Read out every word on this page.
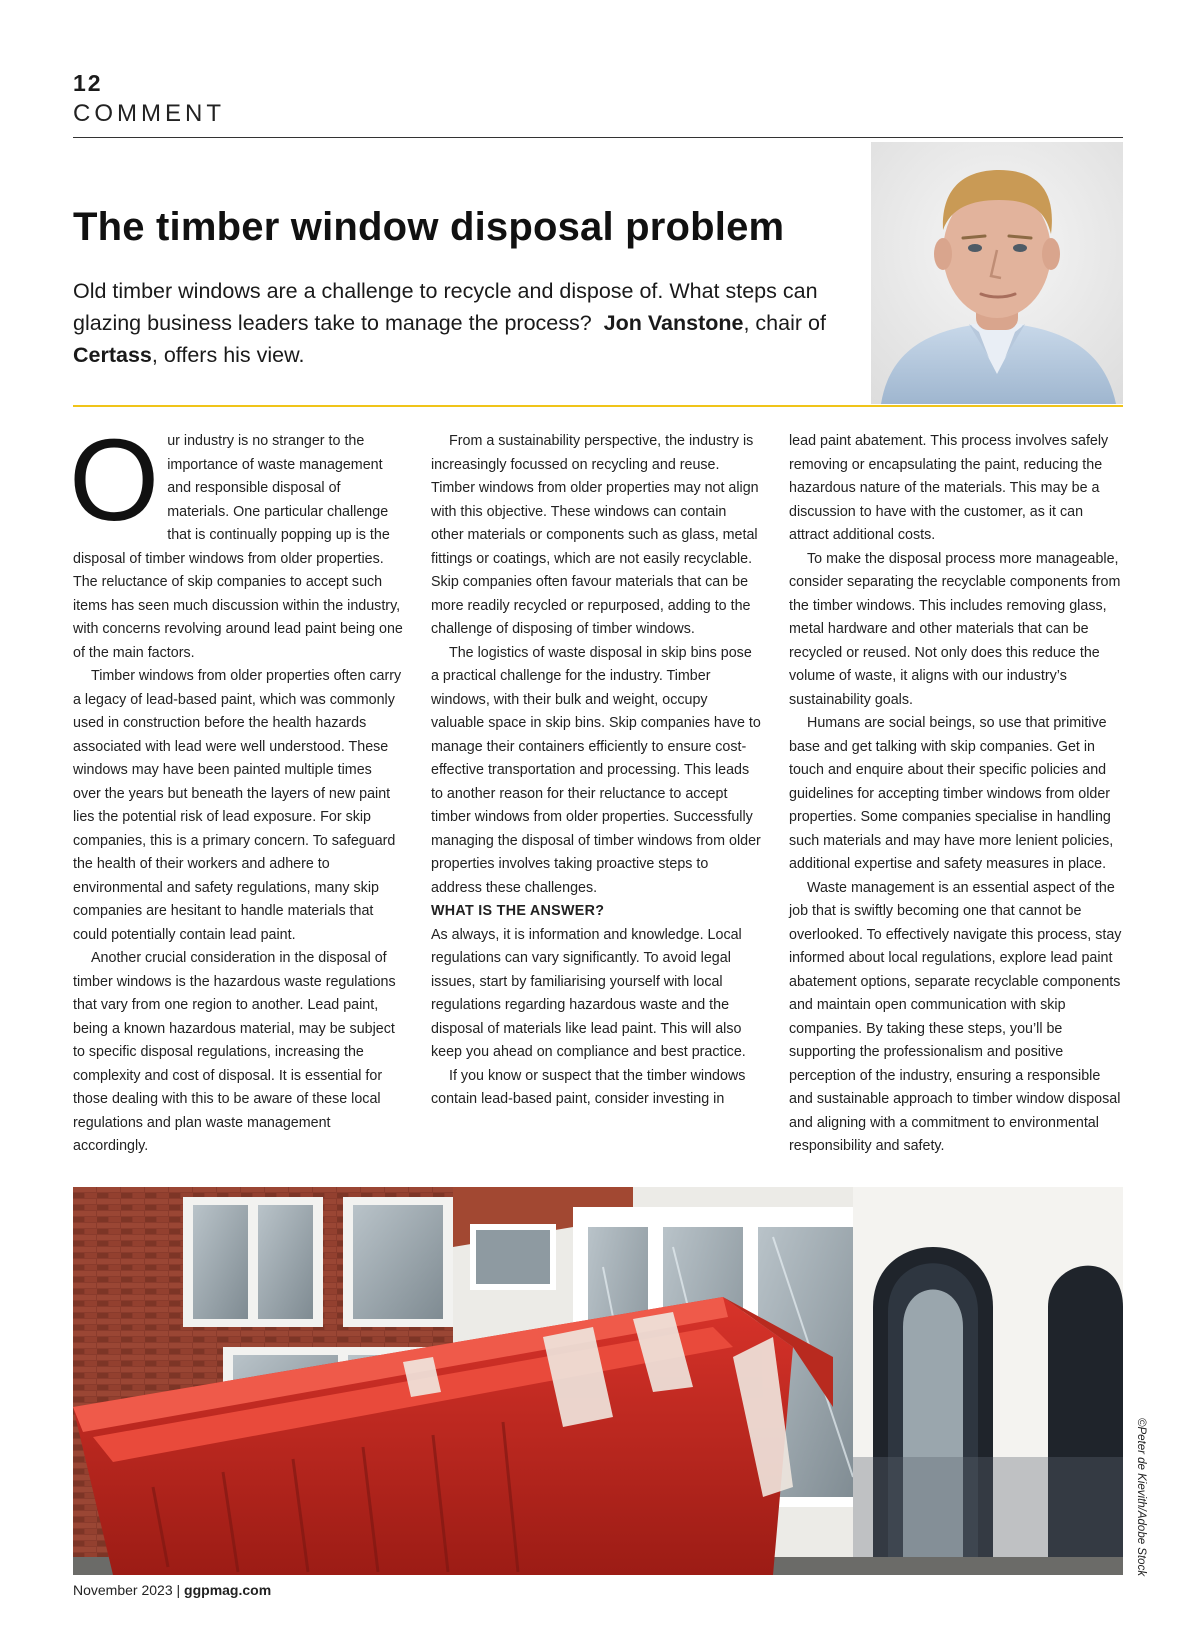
12
COMMENT
The timber window disposal problem

Old timber windows are a challenge to recycle and dispose of. What steps can glazing business leaders take to manage the process? Jon Vanstone, chair of Certass, offers his view.

O ur industry is no stranger to the importance of waste management and responsible disposal of materials. One particular challenge that is continually popping up is the disposal of timber windows from older properties. The reluctance of skip companies to accept such items has seen much discussion within the industry, with concerns revolving around lead paint being one of the main factors.

Timber windows from older properties often carry a legacy of lead-based paint, which was commonly used in construction before the health hazards associated with lead were well understood. These windows may have been painted multiple times over the years but beneath the layers of new paint lies the potential risk of lead exposure. For skip companies, this is a primary concern. To safeguard the health of their workers and adhere to environmental and safety regulations, many skip companies are hesitant to handle materials that could potentially contain lead paint.

Another crucial consideration in the disposal of timber windows is the hazardous waste regulations that vary from one region to another. Lead paint, being a known hazardous material, may be subject to specific disposal regulations, increasing the complexity and cost of disposal. It is essential for those dealing with this to be aware of these local regulations and plan waste management accordingly.

From a sustainability perspective, the industry is increasingly focussed on recycling and reuse. Timber windows from older properties may not align with this objective. These windows can contain other materials or components such as glass, metal fittings or coatings, which are not easily recyclable. Skip companies often favour materials that can be more readily recycled or repurposed, adding to the challenge of disposing of timber windows.

The logistics of waste disposal in skip bins pose a practical challenge for the industry. Timber windows, with their bulk and weight, occupy valuable space in skip bins. Skip companies have to manage their containers efficiently to ensure cost-effective transportation and processing. This leads to another reason for their reluctance to accept timber windows from older properties. Successfully managing the disposal of timber windows from older properties involves taking proactive steps to address these challenges.

WHAT IS THE ANSWER?

As always, it is information and knowledge. Local regulations can vary significantly. To avoid legal issues, start by familiarising yourself with local regulations regarding hazardous waste and the disposal of materials like lead paint. This will also keep you ahead on compliance and best practice.

If you know or suspect that the timber windows contain lead-based paint, consider investing in

lead paint abatement. This process involves safely removing or encapsulating the paint, reducing the hazardous nature of the materials. This may be a discussion to have with the customer, as it can attract additional costs.

To make the disposal process more manageable, consider separating the recyclable components from the timber windows. This includes removing glass, metal hardware and other materials that can be recycled or reused. Not only does this reduce the volume of waste, it aligns with our industry’s sustainability goals.

Humans are social beings, so use that primitive base and get talking with skip companies. Get in touch and enquire about their specific policies and guidelines for accepting timber windows from older properties. Some companies specialise in handling such materials and may have more lenient policies, additional expertise and safety measures in place.

Waste management is an essential aspect of the job that is swiftly becoming one that cannot be overlooked. To effectively navigate this process, stay informed about local regulations, explore lead paint abatement options, separate recyclable components and maintain open communication with skip companies. By taking these steps, you’ll be supporting the professionalism and positive perception of the industry, ensuring a responsible and sustainable approach to timber window disposal and aligning with a commitment to environmental responsibility and safety.

©Peter de Kievith/Adobe Stock
November 2023 | ggpmag.com
